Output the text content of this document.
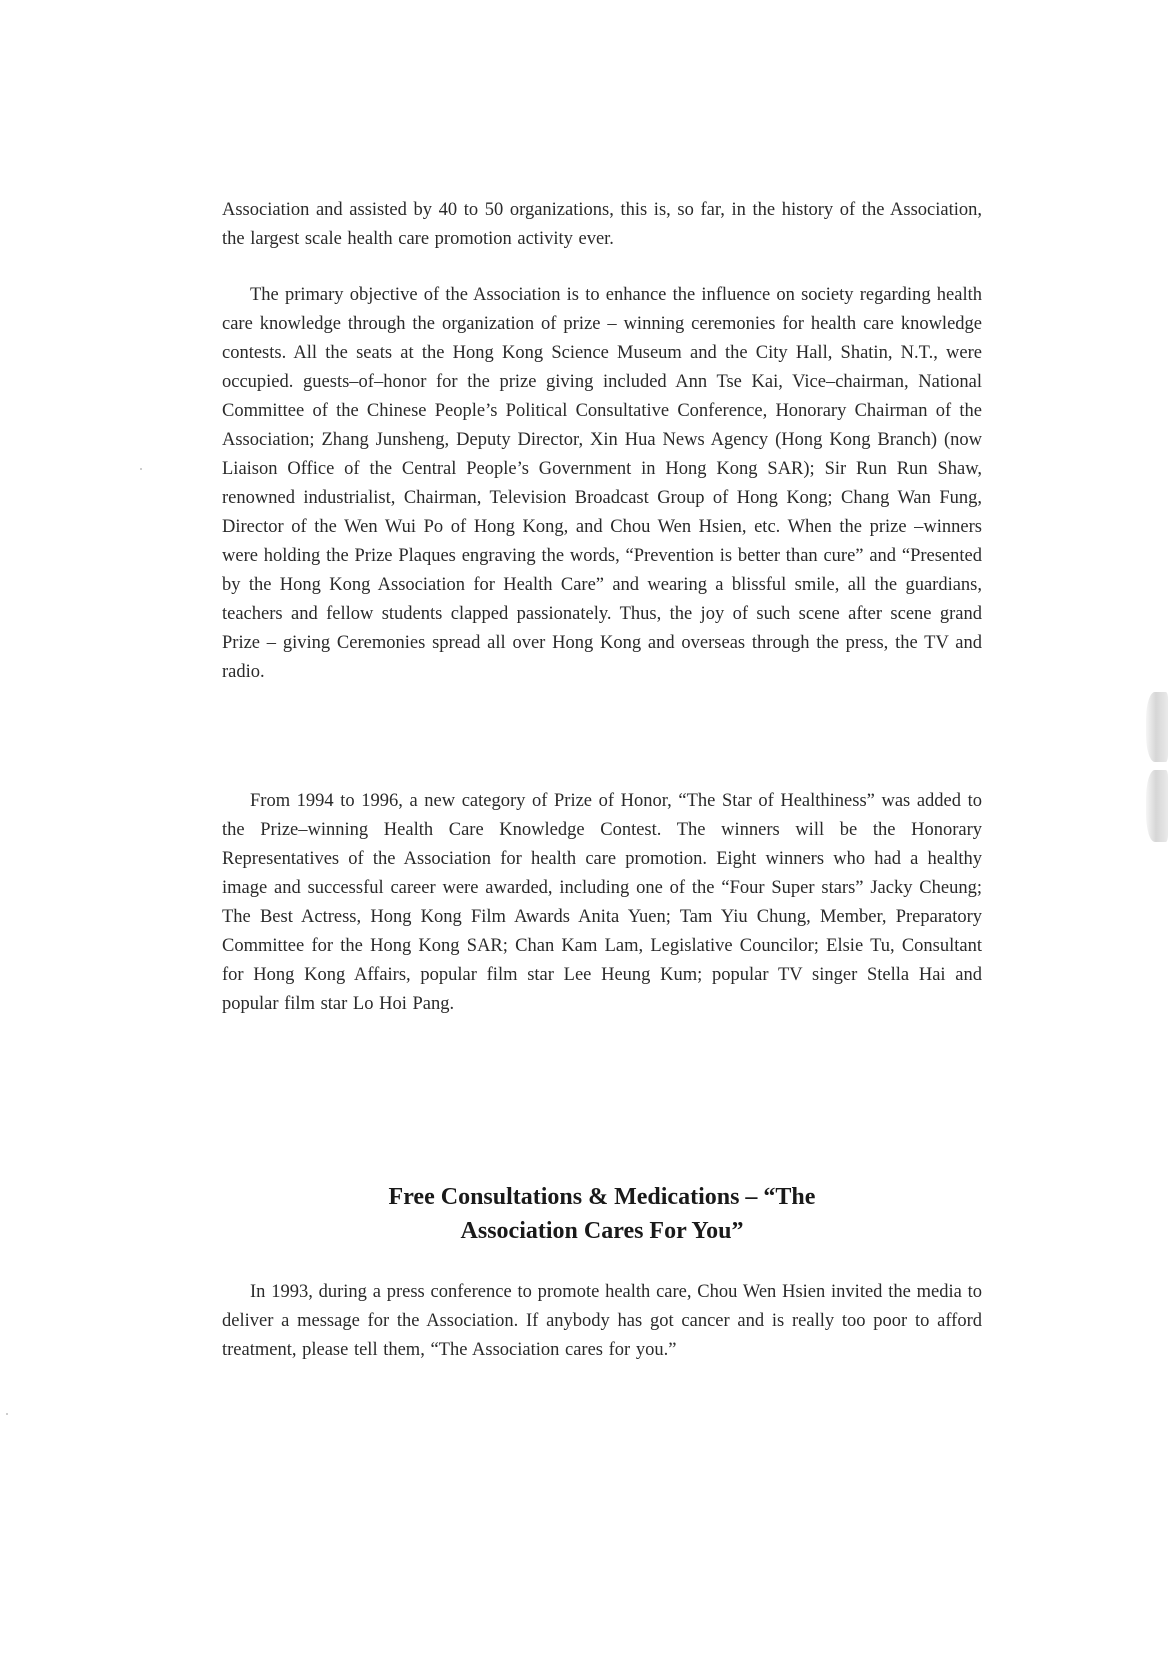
Association and assisted by 40 to 50 organizations, this is, so far, in the history of the Association, the largest scale health care promotion activity ever.

The primary objective of the Association is to enhance the influence on society regarding health care knowledge through the organization of prize – winning ceremonies for health care knowledge contests. All the seats at the Hong Kong Science Museum and the City Hall, Shatin, N.T., were occupied. guests–of–honor for the prize giving included Ann Tse Kai, Vice–chairman, National Committee of the Chinese People’s Political Consultative Conference, Honorary Chairman of the Association; Zhang Junsheng, Deputy Director, Xin Hua News Agency (Hong Kong Branch) (now Liaison Office of the Central People’s Government in Hong Kong SAR); Sir Run Run Shaw, renowned industrialist, Chairman, Television Broadcast Group of Hong Kong; Chang Wan Fung, Director of the Wen Wui Po of Hong Kong, and Chou Wen Hsien, etc. When the prize –winners were holding the Prize Plaques engraving the words, “Prevention is better than cure” and “Presented by the Hong Kong Association for Health Care” and wearing a blissful smile, all the guardians, teachers and fellow students clapped passionately. Thus, the joy of such scene after scene grand Prize – giving Ceremonies spread all over Hong Kong and overseas through the press, the TV and radio.

From 1994 to 1996, a new category of Prize of Honor, “The Star of Healthiness” was added to the Prize–winning Health Care Knowledge Contest. The winners will be the Honorary Representatives of the Association for health care promotion. Eight winners who had a healthy image and successful career were awarded, including one of the “Four Super stars” Jacky Cheung; The Best Actress, Hong Kong Film Awards Anita Yuen; Tam Yiu Chung, Member, Preparatory Committee for the Hong Kong SAR; Chan Kam Lam, Legislative Councilor; Elsie Tu, Consultant for Hong Kong Affairs, popular film star Lee Heung Kum; popular TV singer Stella Hai and popular film star Lo Hoi Pang.

Free Consultations & Medications – “The
Association Cares For You”

In 1993, during a press conference to promote health care, Chou Wen Hsien invited the media to deliver a message for the Association. If anybody has got cancer and is really too poor to afford treatment, please tell them, “The Association cares for you.”
